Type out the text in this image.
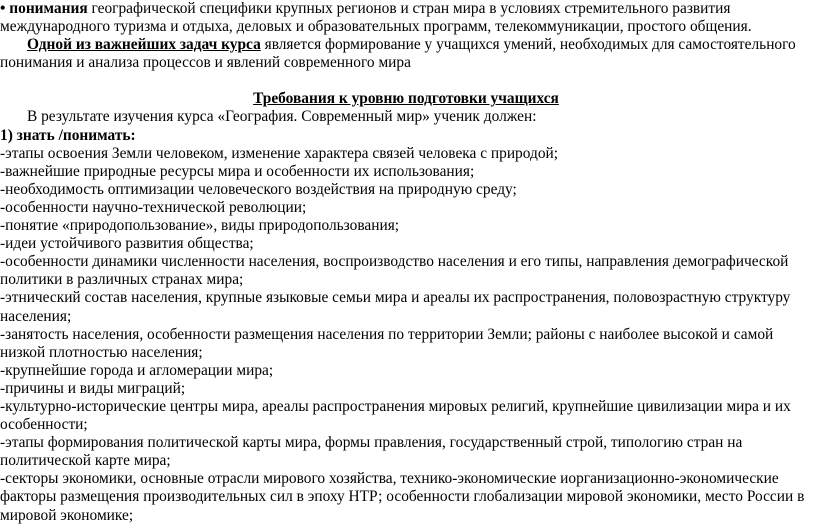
• понимания географической специфики крупных регионов и стран мира в условиях стремительного развития международного туризма и отдыха, деловых и образовательных программ, телекоммуникации, простого общения.

Одной из важнейших задач курса является формирование у учащихся умений, необходимых для самостоятельного понимания и анализа процессов и явлений современного мира

Требования к уровню подготовки учащихся

В результате изучения курса «География. Современный мир» ученик должен:

1) знать /понимать:

-этапы освоения Земли человеком, изменение характера связей человека с природой;

-важнейшие природные ресурсы мира и особенности их использования;

-необходимость оптимизации человеческого воздействия на природную среду;

-особенности научно-технической революции;

-понятие «природопользование», виды природопользования;

-идеи устойчивого развития общества;

-особенности динамики численности населения, воспроизводство населения и его типы, направления демографической политики в различных странах мира;

-этнический состав населения, крупные языковые семьи мира и ареалы их распространения, половозрастную структуру населения;

-занятость населения, особенности размещения населения по территории Земли; районы с наиболее высокой и самой низкой плотностью населения;

-крупнейшие города и агломерации мира;

-причины и виды миграций;

-культурно-исторические центры мира, ареалы распространения мировых религий, крупнейшие цивилизации мира и их особенности;

-этапы формирования политической карты мира, формы правления, государственный строй, типологию стран на политической карте мира;

-секторы экономики, основные отрасли мирового хозяйства, технико-экономические иорганизационно-экономические факторы размещения производительных сил в эпоху НТР; особенности глобализации мировой экономики, место России в мировой экономике;
